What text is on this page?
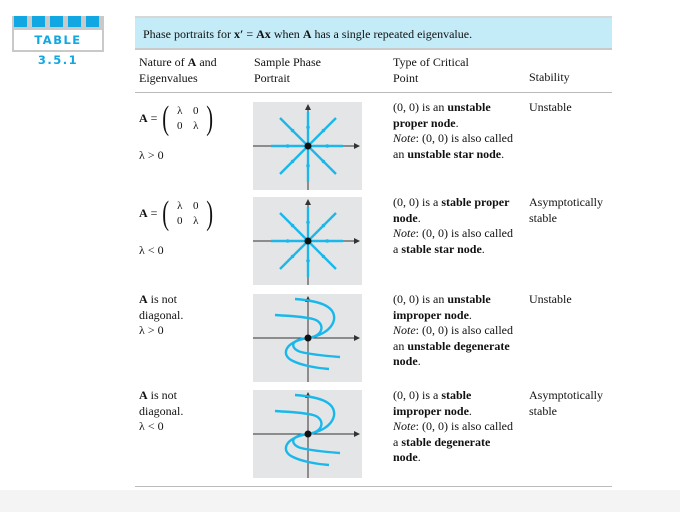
TABLE 3.5.1
Phase portraits for x′ = Ax when A has a single repeated eigenvalue.
Nature of A and
Eigenvalues
Sample Phase
Portrait
Type of Critical
Point	Stability
A = ( λ 0
0 λ )
λ > 0
(0, 0) is an unstable proper node.
Note: (0, 0) is also called an unstable star node.
Unstable
A = ( λ 0
0 λ )
λ < 0
(0, 0) is a stable proper node.
Note: (0, 0) is also called a stable star node.
Asymptotically stable
A is not
diagonal.
λ > 0
(0, 0) is an unstable improper node.
Note: (0, 0) is also called an unstable degenerate node.
Unstable
A is not
diagonal.
λ < 0
(0, 0) is a stable improper node.
Note: (0, 0) is also called a stable degenerate node.
Asymptotically stable
